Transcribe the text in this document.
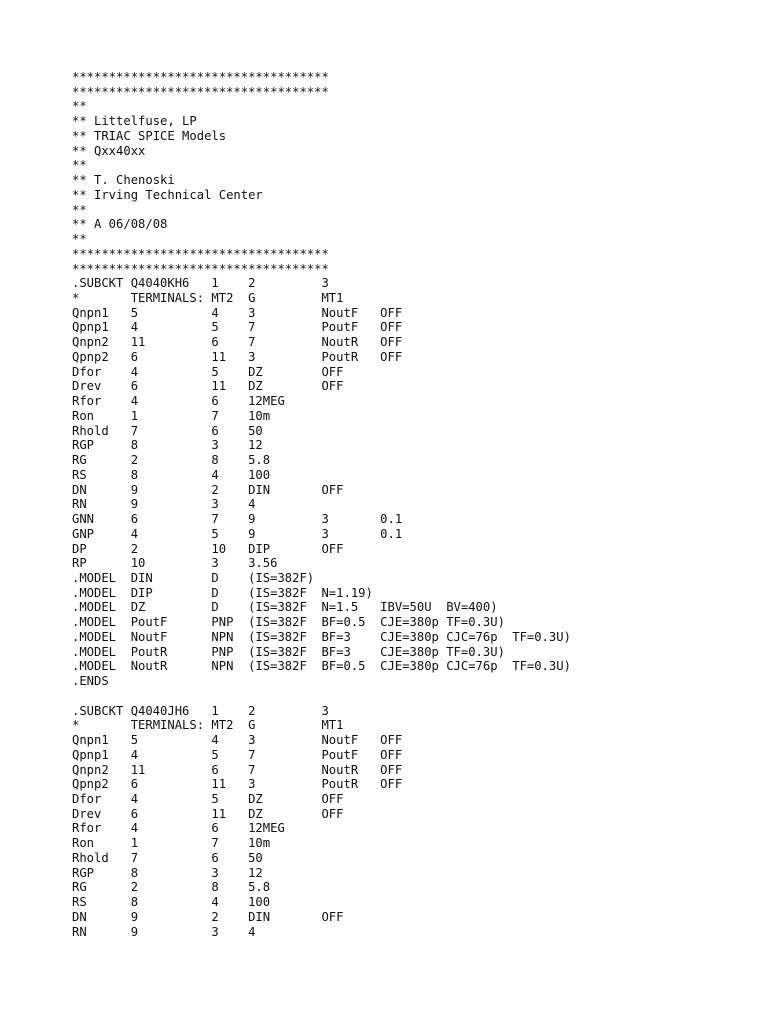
***********************************
***********************************
**
** Littelfuse, LP
** TRIAC SPICE Models
** Qxx40xx
**
** T. Chenoski
** Irving Technical Center
**
** A 06/08/08
**
***********************************
***********************************
.SUBCKT Q4040KH6   1    2         3
*       TERMINALS: MT2  G         MT1
Qnpn1   5          4    3         NoutF   OFF
Qpnp1   4          5    7         PoutF   OFF
Qnpn2   11         6    7         NoutR   OFF
Qpnp2   6          11   3         PoutR   OFF
Dfor    4          5    DZ        OFF
Drev    6          11   DZ        OFF
Rfor    4          6    12MEG
Ron     1          7    10m
Rhold   7          6    50
RGP     8          3    12
RG      2          8    5.8
RS      8          4    100
DN      9          2    DIN       OFF
RN      9          3    4
GNN     6          7    9         3       0.1
GNP     4          5    9         3       0.1
DP      2          10   DIP       OFF
RP      10         3    3.56
.MODEL  DIN        D    (IS=382F)
.MODEL  DIP        D    (IS=382F  N=1.19)
.MODEL  DZ         D    (IS=382F  N=1.5   IBV=50U  BV=400)
.MODEL  PoutF      PNP  (IS=382F  BF=0.5  CJE=380p TF=0.3U)
.MODEL  NoutF      NPN  (IS=382F  BF=3    CJE=380p CJC=76p  TF=0.3U)
.MODEL  PoutR      PNP  (IS=382F  BF=3    CJE=380p TF=0.3U)
.MODEL  NoutR      NPN  (IS=382F  BF=0.5  CJE=380p CJC=76p  TF=0.3U)
.ENDS
.SUBCKT Q4040JH6   1    2         3
*       TERMINALS: MT2  G         MT1
Qnpn1   5          4    3         NoutF   OFF
Qpnp1   4          5    7         PoutF   OFF
Qnpn2   11         6    7         NoutR   OFF
Qpnp2   6          11   3         PoutR   OFF
Dfor    4          5    DZ        OFF
Drev    6          11   DZ        OFF
Rfor    4          6    12MEG
Ron     1          7    10m
Rhold   7          6    50
RGP     8          3    12
RG      2          8    5.8
RS      8          4    100
DN      9          2    DIN       OFF
RN      9          3    4
